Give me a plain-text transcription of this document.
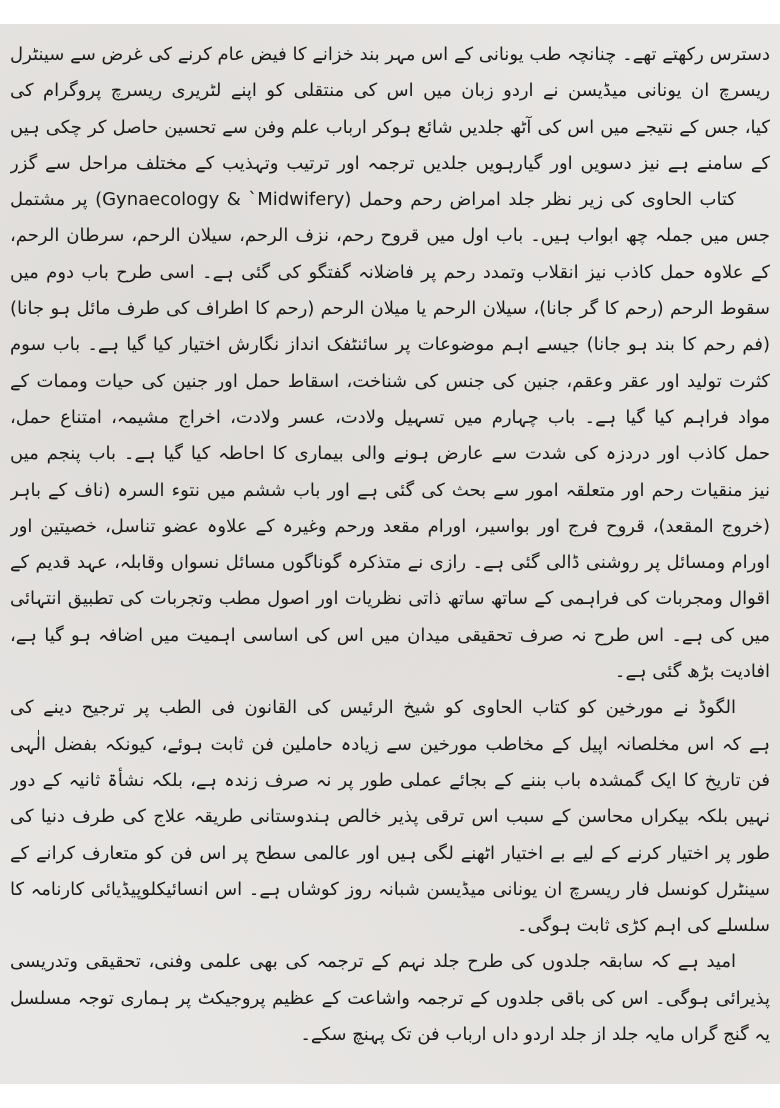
دسترس رکھتے تھے۔ چنانچہ طب یونانی کے اس مہر بند خزانے کا فیض عام کرنے کی غرض سے سینٹرل
ریسرچ ان یونانی میڈیسن نے اردو زبان میں اس کی منتقلی کو اپنے لٹریری ریسرچ پروگرام کی
کیا، جس کے نتیجے میں اس کی آٹھ جلدیں شائع ہوکر ارباب علم وفن سے تحسین حاصل کر چکی ہیں
کے سامنے ہے نیز دسویں اور گیارہویں جلدیں ترجمہ اور ترتیب وتہذیب کے مختلف مراحل سے گزر
کتاب الحاوی کی زیر نظر جلد امراض رحم وحمل (Gynaecology & `Midwifery) پر مشتمل
جس میں جملہ چھ ابواب ہیں۔ باب اول میں قروح رحم، نزف الرحم، سیلان الرحم، سرطان الرحم،
کے علاوہ حمل کاذب نیز انقلاب وتمدد رحم پر فاضلانہ گفتگو کی گئی ہے۔ اسی طرح باب دوم میں
سقوط الرحم (رحم کا گر جانا)، سیلان الرحم یا میلان الرحم (رحم کا اطراف کی طرف مائل ہو جانا)
(فم رحم کا بند ہو جانا) جیسے اہم موضوعات پر سائنٹفک انداز نگارش اختیار کیا گیا ہے۔ باب سوم
کثرت تولید اور عقر وعقم، جنین کی جنس کی شناخت، اسقاط حمل اور جنین کی حیات وممات کے
مواد فراہم کیا گیا ہے۔ باب چہارم میں تسہیل ولادت، عسر ولادت، اخراج مشیمہ، امتناع حمل،
حمل کاذب اور دردزہ کی شدت سے عارض ہونے والی بیماری کا احاطہ کیا گیا ہے۔ باب پنجم میں
نیز منقیات رحم اور متعلقہ امور سے بحث کی گئی ہے اور باب ششم میں نتوء السرہ (ناف کے باہر
(خروج المقعد)، قروح فرج اور بواسیر، اورام مقعد ورحم وغیرہ کے علاوہ عضو تناسل، خصیتین اور
اورام ومسائل پر روشنی ڈالی گئی ہے۔ رازی نے متذکرہ گوناگوں مسائل نسواں وقابلہ، عہد قدیم کے
اقوال ومجربات کی فراہمی کے ساتھ ساتھ ذاتی نظریات اور اصول مطب وتجربات کی تطبیق انتہائی
میں کی ہے۔ اس طرح نہ صرف تحقیقی میدان میں اس کی اساسی اہمیت میں اضافہ ہو گیا ہے،
افادیت بڑھ گئی ہے۔
الگوڈ نے مورخین کو کتاب الحاوی کو شیخ الرئیس کی القانون فی الطب پر ترجیح دینے کی
ہے کہ اس مخلصانہ اپیل کے مخاطب مورخین سے زیادہ حاملین فن ثابت ہوئے، کیونکہ بفضل الٰہی
فن تاریخ کا ایک گمشدہ باب بننے کے بجائے عملی طور پر نہ صرف زندہ ہے، بلکہ نشأۃ ثانیہ کے دور
نہیں بلکہ بیکراں محاسن کے سبب اس ترقی پذیر خالص ہندوستانی طریقہ علاج کی طرف دنیا کی
طور پر اختیار کرنے کے لیے بے اختیار اٹھنے لگی ہیں اور عالمی سطح پر اس فن کو متعارف کرانے کے
سینٹرل کونسل فار ریسرچ ان یونانی میڈیسن شبانہ روز کوشاں ہے۔ اس انسائیکلوپیڈیائی کارنامہ کا
سلسلے کی اہم کڑی ثابت ہوگی۔
امید ہے کہ سابقہ جلدوں کی طرح جلد نہم کے ترجمہ کی بھی علمی وفنی، تحقیقی وتدریسی
پذیرائی ہوگی۔ اس کی باقی جلدوں کے ترجمہ واشاعت کے عظیم پروجیکٹ پر ہماری توجہ مسلسل
یہ گنج گراں مایہ جلد از جلد اردو داں ارباب فن تک پہنچ سکے۔
